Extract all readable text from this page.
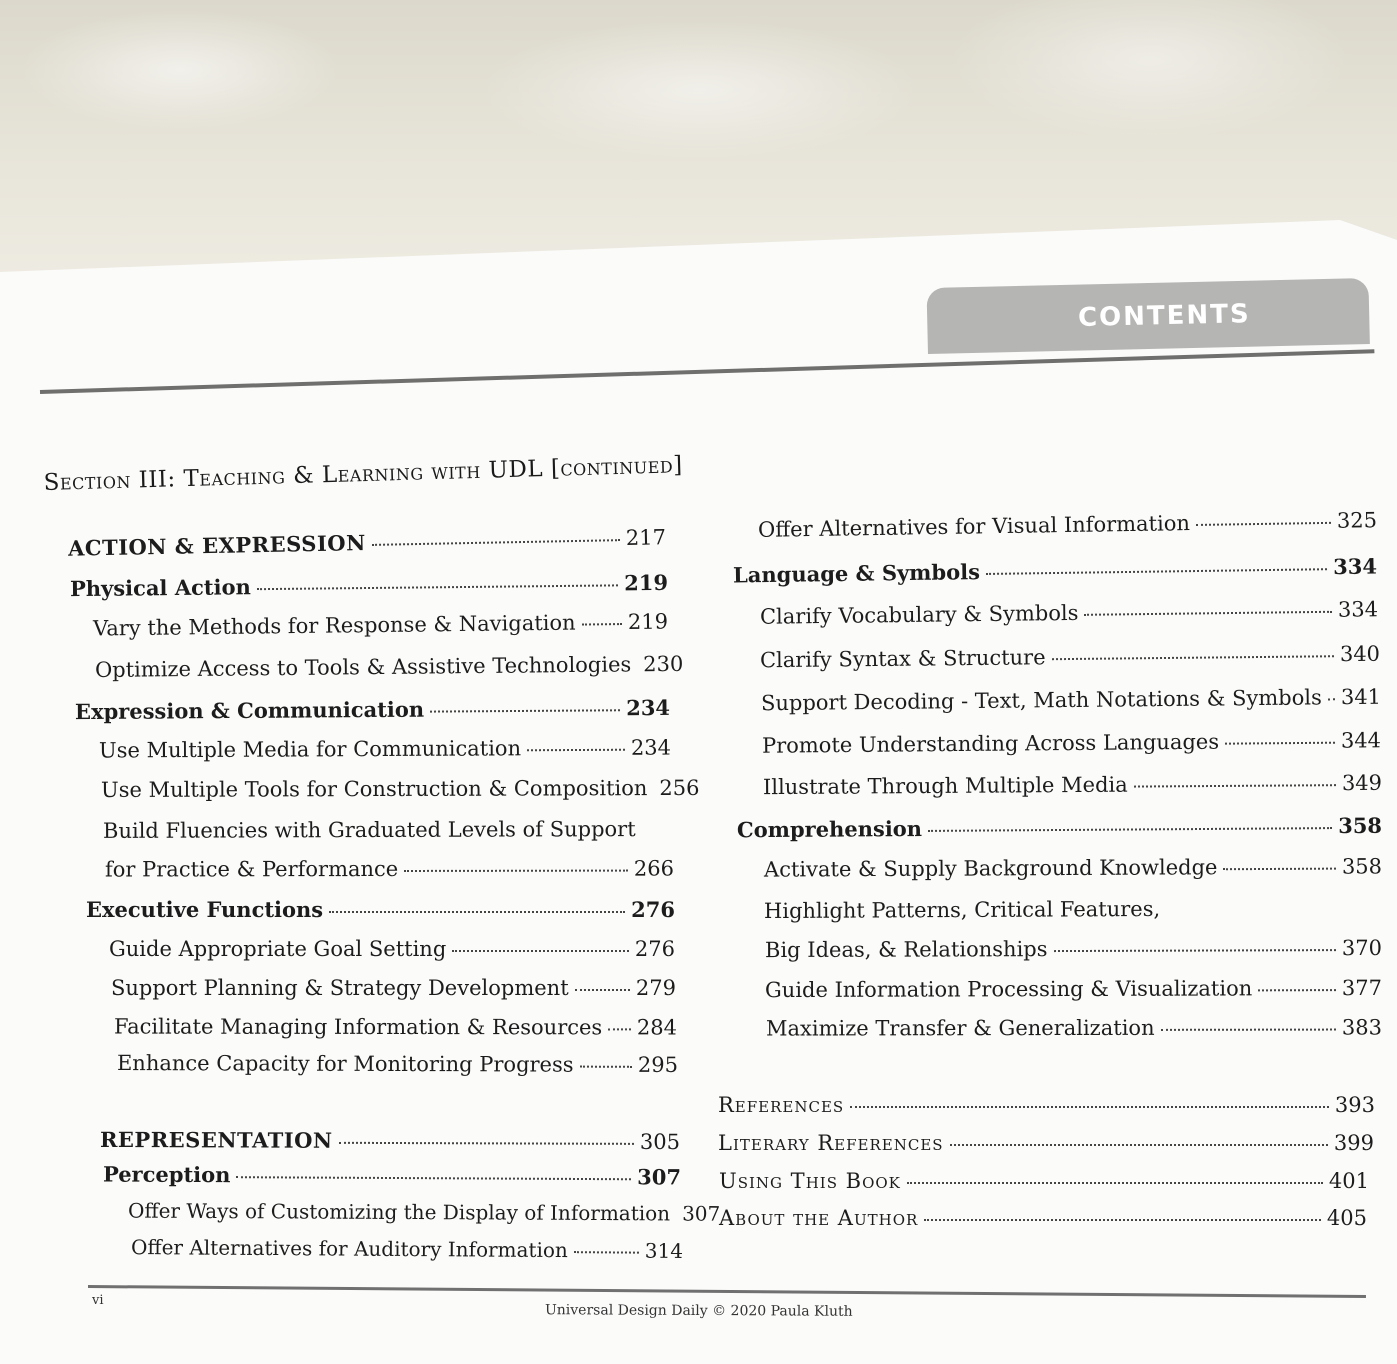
CONTENTS
Section III: Teaching & Learning with UDL [continued]
ACTION & EXPRESSION	217
Physical Action	219
Vary the Methods for Response & Navigation 219
Optimize Access to Tools & Assistive Technologies 230
Expression & Communication	234
Use Multiple Media for Communication	234
Use Multiple Tools for Construction & Composition 256
Build Fluencies with Graduated Levels of Support
for Practice & Performance	266
Executive Functions	276
Guide Appropriate Goal Setting	276
Support Planning & Strategy Development	279
Facilitate Managing Information & Resources 284
Enhance Capacity for Monitoring Progress	295
REPRESENTATION	305
Perception	307
Offer Ways of Customizing the Display of Information 307
Offer Alternatives for Auditory Information	314
Offer Alternatives for Visual Information	325
Language & Symbols	334
Clarify Vocabulary & Symbols	334
Clarify Syntax & Structure	340
Support Decoding - Text, Math Notations & Symbols 341
Promote Understanding Across Languages	344
Illustrate Through Multiple Media	349
Comprehension	358
Activate & Supply Background Knowledge	358
Highlight Patterns, Critical Features,
Big Ideas, & Relationships	370
Guide Information Processing & Visualization	377
Maximize Transfer & Generalization	383
References	393
Literary References	399
Using This Book	401
About the Author	405
vi
Universal Design Daily © 2020 Paula Kluth
